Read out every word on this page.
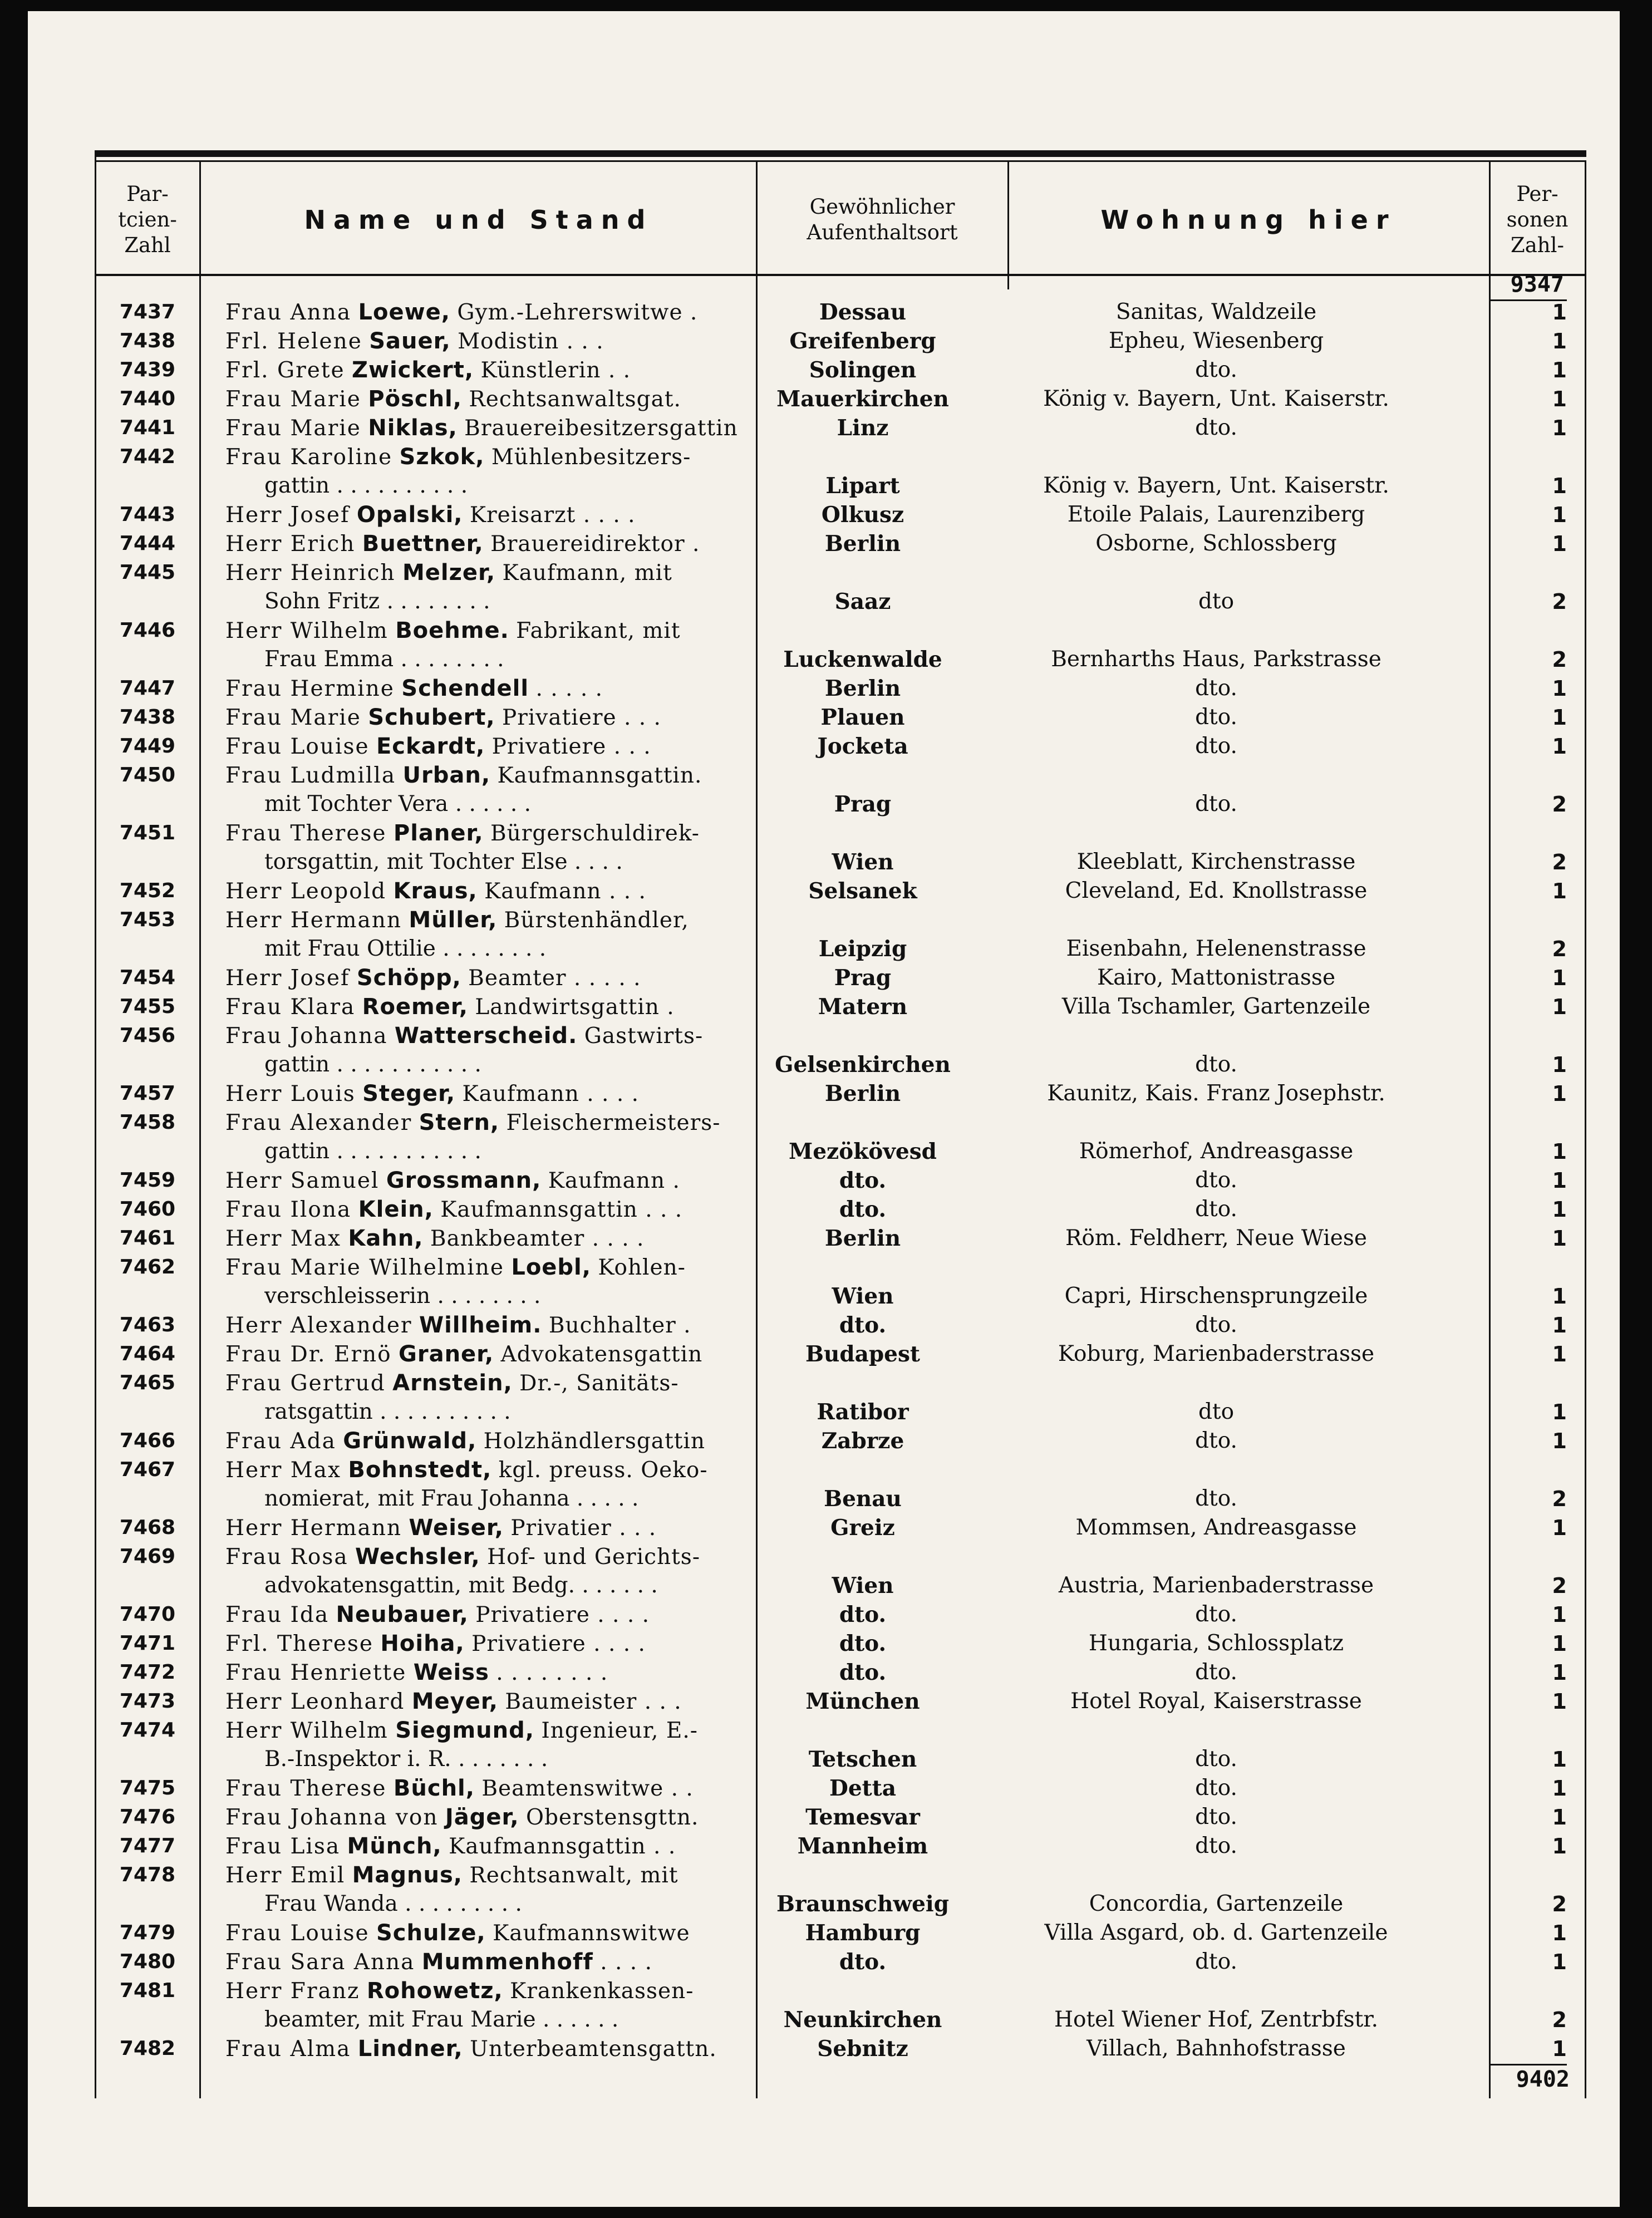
Par-
tcien-
Zahl
Name und Stand	Gewöhnlicher
Aufenthaltsort	Wohnung hier
Per-
sonen
Zahl-
9347
7437	Frau Anna Loewe, Gym.-Lehrerswitwe .	Dessau	Sanitas, Waldzeile	1
7438	Frl. Helene Sauer, Modistin . . .	Greifenberg	Epheu, Wiesenberg	1
7439	Frl. Grete Zwickert, Künstlerin . .	Solingen	dto.	1
7440	Frau Marie Pöschl, Rechtsanwaltsgat.	Mauerkirchen	König v. Bayern, Unt. Kaiserstr.	1
7441	Frau Marie Niklas, Brauereibesitzersgattin	Linz	dto.	1
7442	Frau Karoline Szkok, Mühlenbesitzers-
gattin . . . . . . . . . .	Lipart	König v. Bayern, Unt. Kaiserstr.	1
7443	Herr Josef Opalski, Kreisarzt . . . .	Olkusz	Etoile Palais, Laurenziberg	1
7444	Herr Erich Buettner, Brauereidirektor .	Berlin	Osborne, Schlossberg	1
7445	Herr Heinrich Melzer, Kaufmann, mit
Sohn Fritz . . . . . . . .	Saaz	dto	2
7446	Herr Wilhelm Boehme. Fabrikant, mit
Frau Emma . . . . . . . .	Luckenwalde	Bernharths Haus, Parkstrasse	2
7447	Frau Hermine Schendell . . . . .	Berlin	dto.	1
7438	Frau Marie Schubert, Privatiere . . .	Plauen	dto.	1
7449	Frau Louise Eckardt, Privatiere . . .	Jocketa	dto.	1
7450	Frau Ludmilla Urban, Kaufmannsgattin.
mit Tochter Vera . . . . . .	Prag	dto.	2
7451	Frau Therese Planer, Bürgerschuldirek-
torsgattin, mit Tochter Else . . . .	Wien	Kleeblatt, Kirchenstrasse	2
7452	Herr Leopold Kraus, Kaufmann . . .	Selsanek	Cleveland, Ed. Knollstrasse	1
7453	Herr Hermann Müller, Bürstenhändler,
mit Frau Ottilie . . . . . . . .	Leipzig	Eisenbahn, Helenenstrasse	2
7454	Herr Josef Schöpp, Beamter . . . . .	Prag	Kairo, Mattonistrasse	1
7455	Frau Klara Roemer, Landwirtsgattin .	Matern	Villa Tschamler, Gartenzeile	1
7456	Frau Johanna Watterscheid. Gastwirts-
gattin . . . . . . . . . . .	Gelsenkirchen	dto.	1
7457	Herr Louis Steger, Kaufmann . . . .	Berlin	Kaunitz, Kais. Franz Josephstr.	1
7458	Frau Alexander Stern, Fleischermeisters-
gattin . . . . . . . . . . .	Mezökövesd	Römerhof, Andreasgasse	1
7459	Herr Samuel Grossmann, Kaufmann .	dto.	dto.	1
7460	Frau Ilona Klein, Kaufmannsgattin . . .	dto.	dto.	1
7461	Herr Max Kahn, Bankbeamter . . . .	Berlin	Röm. Feldherr, Neue Wiese	1
7462	Frau Marie Wilhelmine Loebl, Kohlen-
verschleisserin . . . . . . . .	Wien	Capri, Hirschensprungzeile	1
7463	Herr Alexander Willheim. Buchhalter .	dto.	dto.	1
7464	Frau Dr. Ernö Graner, Advokatensgattin	Budapest	Koburg, Marienbaderstrasse	1
7465	Frau Gertrud Arnstein, Dr.-, Sanitäts-
ratsgattin . . . . . . . . . .	Ratibor	dto	1
7466	Frau Ada Grünwald, Holzhändlersgattin	Zabrze	dto.	1
7467	Herr Max Bohnstedt, kgl. preuss. Oeko-
nomierat, mit Frau Johanna . . . . .	Benau	dto.	2
7468	Herr Hermann Weiser, Privatier . . .	Greiz	Mommsen, Andreasgasse	1
7469	Frau Rosa Wechsler, Hof- und Gerichts-
advokatensgattin, mit Bedg. . . . . . .	Wien	Austria, Marienbaderstrasse	2
7470	Frau Ida Neubauer, Privatiere . . . .	dto.	dto.	1
7471	Frl. Therese Hoiha, Privatiere . . . .	dto.	Hungaria, Schlossplatz	1
7472	Frau Henriette Weiss . . . . . . . .	dto.	dto.	1
7473	Herr Leonhard Meyer, Baumeister . . .	München	Hotel Royal, Kaiserstrasse	1
7474	Herr Wilhelm Siegmund, Ingenieur, E.-
B.-Inspektor i. R. . . . . . . .	Tetschen	dto.	1
7475	Frau Therese Büchl, Beamtenswitwe . .	Detta	dto.	1
7476	Frau Johanna von Jäger, Oberstensgttn.	Temesvar	dto.	1
7477	Frau Lisa Münch, Kaufmannsgattin . .	Mannheim	dto.	1
7478	Herr Emil Magnus, Rechtsanwalt, mit
Frau Wanda . . . . . . . . .	Braunschweig	Concordia, Gartenzeile	2
7479	Frau Louise Schulze, Kaufmannswitwe	Hamburg	Villa Asgard, ob. d. Gartenzeile	1
7480	Frau Sara Anna Mummenhoff . . . .	dto.	dto.	1
7481	Herr Franz Rohowetz, Krankenkassen-
beamter, mit Frau Marie . . . . . .	Neunkirchen	Hotel Wiener Hof, Zentrbfstr.	2
7482	Frau Alma Lindner, Unterbeamtensgattn.	Sebnitz	Villach, Bahnhofstrasse	1
9402
